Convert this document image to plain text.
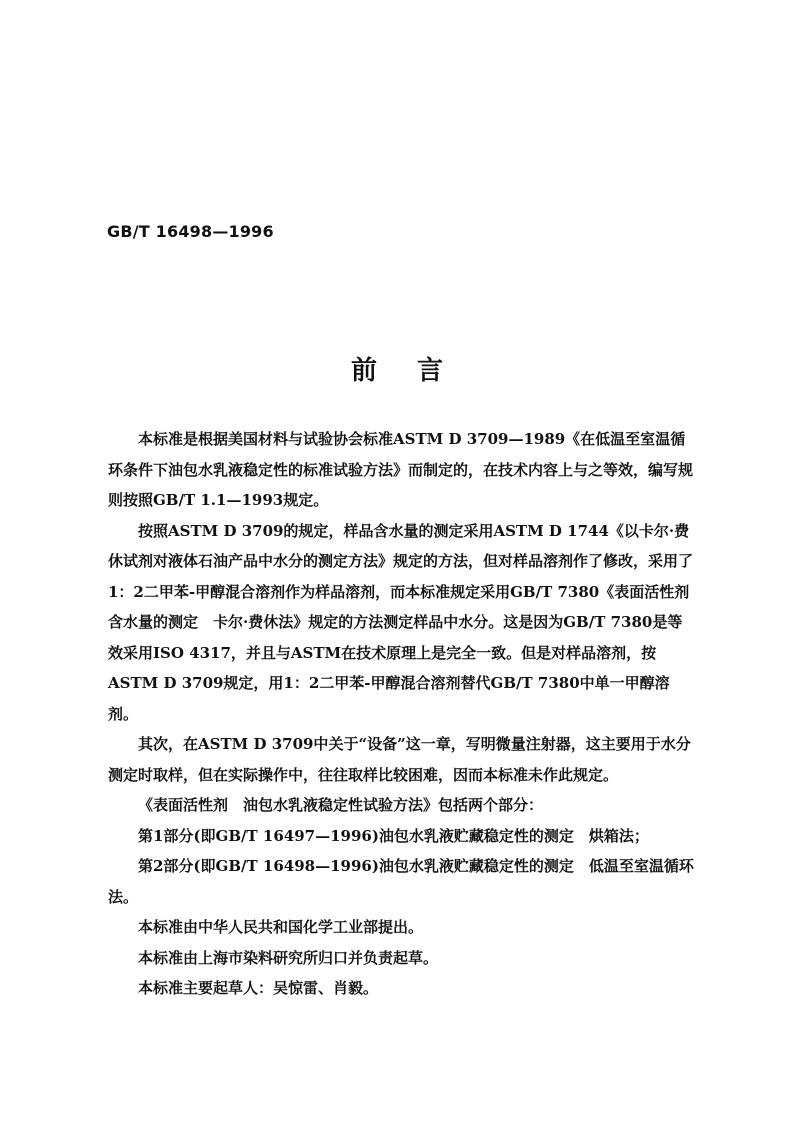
GB/T 16498—1996
前言

本标准是根据美国材料与试验协会标准ASTM D 3709—1989《在低温至室温循环条件下油包水乳液稳定性的标准试验方法》而制定的，在技术内容上与之等效，编写规则按照GB/T 1.1—1993规定。

按照ASTM D 3709的规定，样品含水量的测定采用ASTM D 1744《以卡尔·费休试剂对液体石油产品中水分的测定方法》规定的方法，但对样品溶剂作了修改，采用了1：2二甲苯-甲醇混合溶剂作为样品溶剂，而本标准规定采用GB/T 7380《表面活性剂　含水量的测定　卡尔·费休法》规定的方法测定样品中水分。这是因为GB/T 7380是等效采用ISO 4317，并且与ASTM在技术原理上是完全一致。但是对样品溶剂，按ASTM D 3709规定，用1：2二甲苯-甲醇混合溶剂替代GB/T 7380中单一甲醇溶剂。

其次，在ASTM D 3709中关于“设备”这一章，写明微量注射器，这主要用于水分测定时取样，但在实际操作中，往往取样比较困难，因而本标准未作此规定。

《表面活性剂　油包水乳液稳定性试验方法》包括两个部分：

第1部分(即GB/T 16497—1996)油包水乳液贮藏稳定性的测定　烘箱法；

第2部分(即GB/T 16498—1996)油包水乳液贮藏稳定性的测定　低温至室温循环法。

本标准由中华人民共和国化学工业部提出。

本标准由上海市染料研究所归口并负责起草。

本标准主要起草人：吴惊雷、肖毅。
